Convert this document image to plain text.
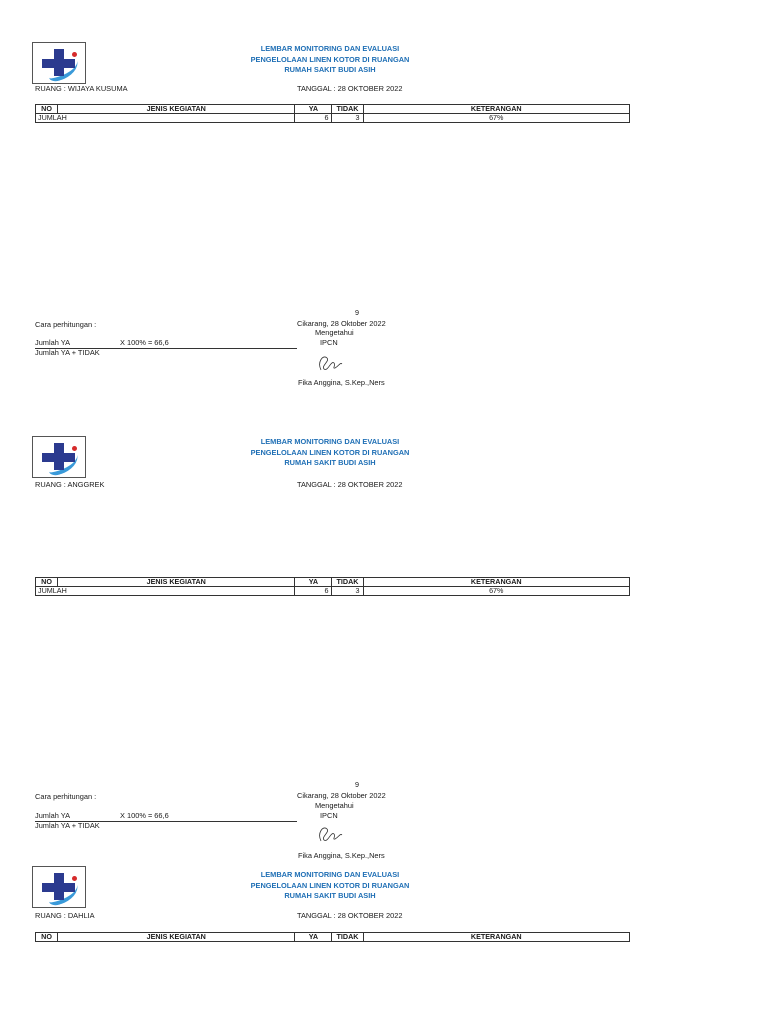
LEMBAR MONITORING DAN EVALUASI
PENGELOLAAN LINEN KOTOR DI RUANGAN
RUMAH SAKIT BUDI ASIH
RUANG : WIJAYA KUSUMA	TANGGAL : 28 OKTOBER 2022
NO	JENIS KEGIATAN	YA	TIDAK	KETERANGAN
JUMLAH		6	3	67%
9
Cara perhitungan :
Jumlah YA	X 100% = 66,6
Jumlah YA + TIDAK
Cikarang, 28 Oktober 2022
Mengetahui
IPCN
Fika Anggina, S.Kep.,Ners
LEMBAR MONITORING DAN EVALUASI
PENGELOLAAN LINEN KOTOR DI RUANGAN
RUMAH SAKIT BUDI ASIH
RUANG : ANGGREK	TANGGAL : 28 OKTOBER 2022
NO	JENIS KEGIATAN	YA	TIDAK	KETERANGAN
JUMLAH		6	3	67%
9
Cara perhitungan :
Jumlah YA	X 100% = 66,6
Jumlah YA + TIDAK
Cikarang, 28 Oktober 2022
Mengetahui
IPCN
Fika Anggina, S.Kep.,Ners
LEMBAR MONITORING DAN EVALUASI
PENGELOLAAN LINEN KOTOR DI RUANGAN
RUMAH SAKIT BUDI ASIH
RUANG : DAHLIA	TANGGAL : 28 OKTOBER 2022
NO	JENIS KEGIATAN	YA	TIDAK	KETERANGAN
